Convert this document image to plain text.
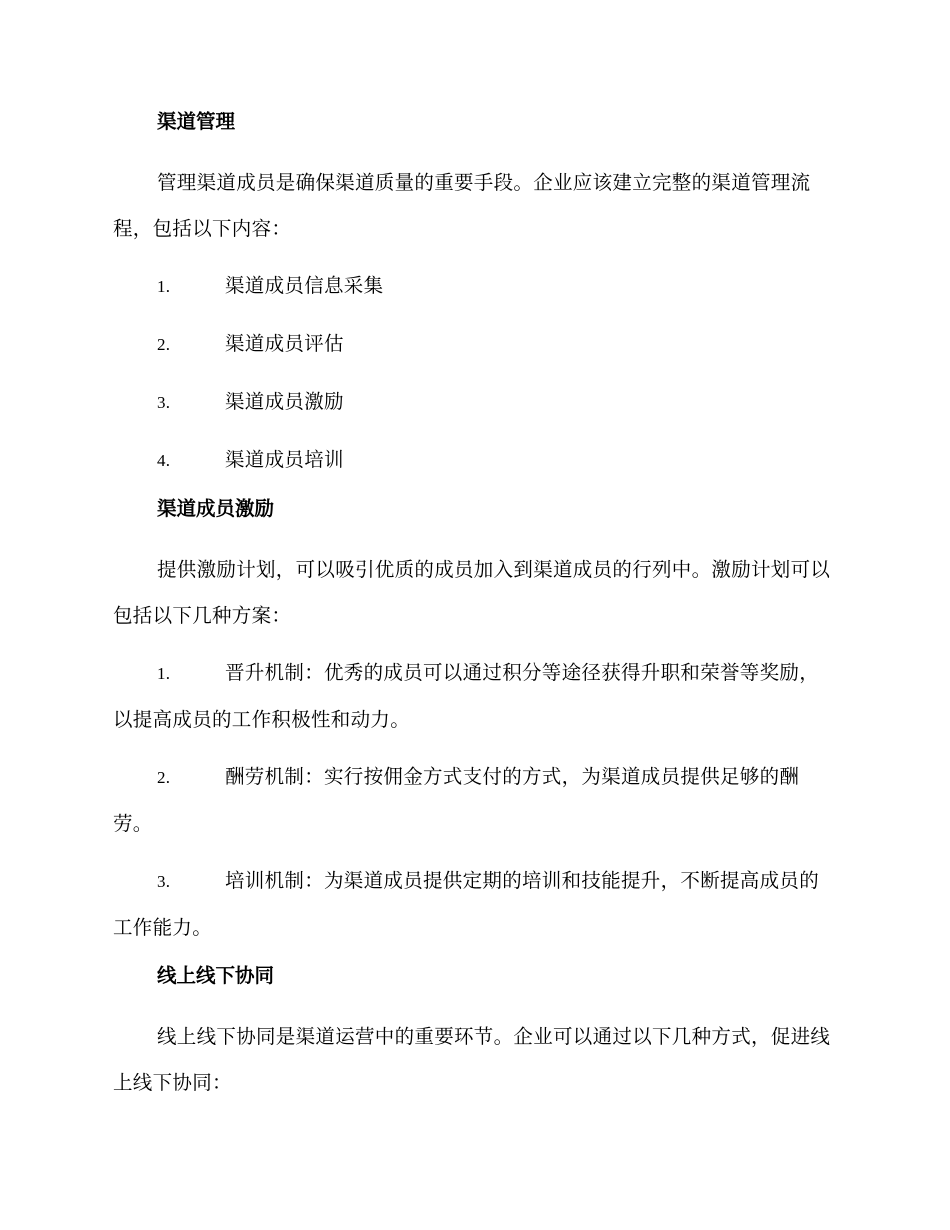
渠道管理

管理渠道成员是确保渠道质量的重要手段。企业应该建立完整的渠道管理流程，包括以下内容：

1.	渠道成员信息采集

2.	渠道成员评估

3.	渠道成员激励

4.	渠道成员培训

渠道成员激励

提供激励计划，可以吸引优质的成员加入到渠道成员的行列中。激励计划可以包括以下几种方案：

1.	晋升机制：优秀的成员可以通过积分等途径获得升职和荣誉等奖励，以提高成员的工作积极性和动力。

2.	酬劳机制：实行按佣金方式支付的方式，为渠道成员提供足够的酬劳。

3.	培训机制：为渠道成员提供定期的培训和技能提升，不断提高成员的工作能力。

线上线下协同

线上线下协同是渠道运营中的重要环节。企业可以通过以下几种方式，促进线上线下协同：
